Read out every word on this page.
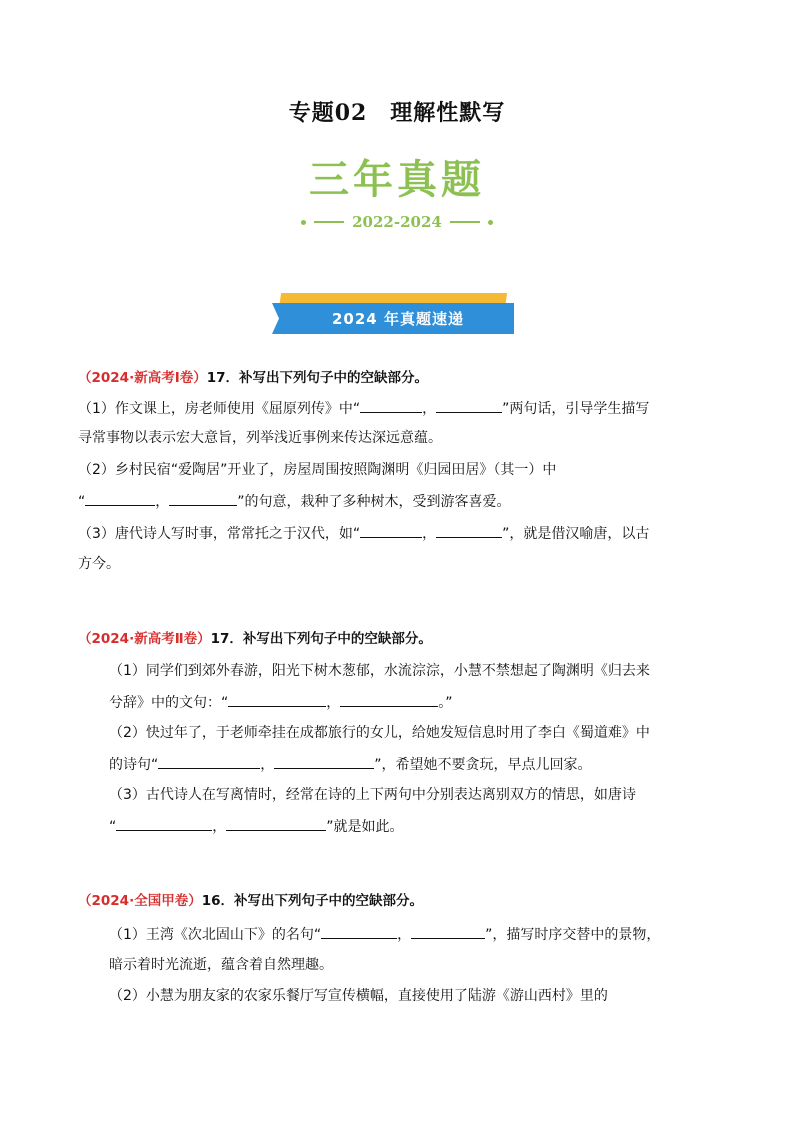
专题02　理解性默写
三年真题
2022-2024
2024 年真题速递
（2024·新高考Ⅰ卷）17．补写出下列句子中的空缺部分。
（1）作文课上，房老师使用《屈原列传》中“	，	”两句话，引导学生描写
寻常事物以表示宏大意旨，列举浅近事例来传达深远意蕴。
（2）乡村民宿“爱陶居”开业了，房屋周围按照陶渊明《归园田居》（其一）中
“	，	”的句意，栽种了多种树木，受到游客喜爱。
（3）唐代诗人写时事，常常托之于汉代，如“	，	”，就是借汉喻唐，以古
方今。
（2024·新高考Ⅱ卷）17．补写出下列句子中的空缺部分。
（1）同学们到郊外春游，阳光下树木葱郁，水流淙淙，小慧不禁想起了陶渊明《归去来
兮辞》中的文句：“	，	。”
（2）快过年了，于老师牵挂在成都旅行的女儿，给她发短信息时用了李白《蜀道难》中
的诗句“	，	”，希望她不要贪玩，早点儿回家。
（3）古代诗人在写离情时，经常在诗的上下两句中分别表达离别双方的情思，如唐诗
“	，	”就是如此。
（2024·全国甲卷）16．补写出下列句子中的空缺部分。
（1）王湾《次北固山下》的名句“	，	”，描写时序交替中的景物，
暗示着时光流逝，蕴含着自然理趣。
（2）小慧为朋友家的农家乐餐厅写宣传横幅，直接使用了陆游《游山西村》里的
